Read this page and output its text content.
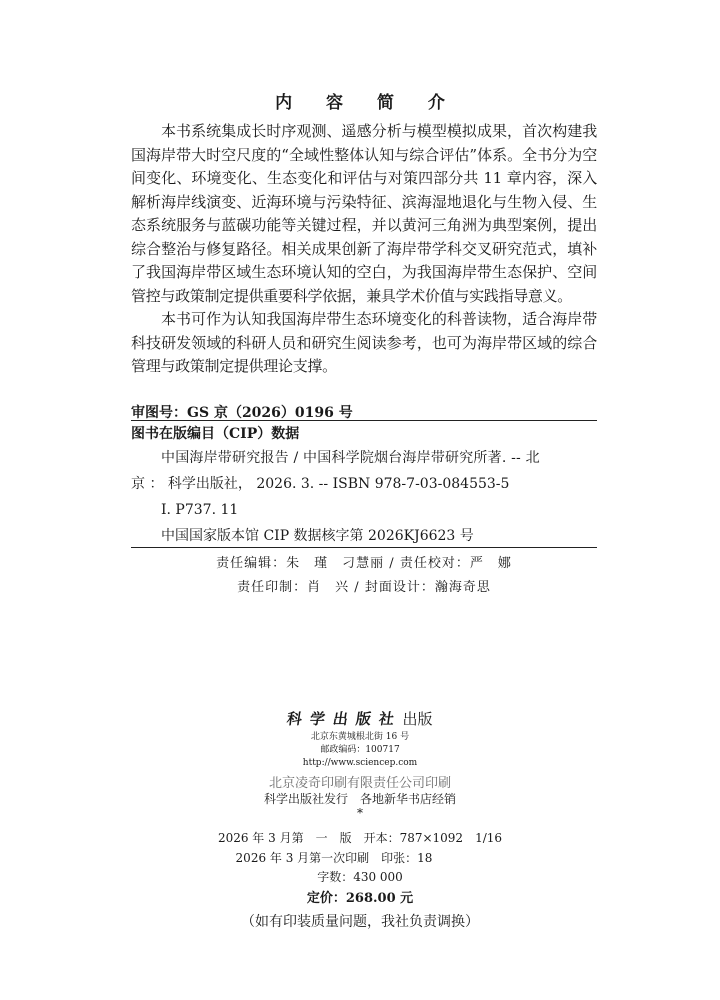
内 容 简 介

本书系统集成长时序观测、遥感分析与模型模拟成果，首次构建我国海岸带大时空尺度的“全域性整体认知与综合评估”体系。全书分为空间变化、环境变化、生态变化和评估与对策四部分共 11 章内容，深入解析海岸线演变、近海环境与污染特征、滨海湿地退化与生物入侵、生态系统服务与蓝碳功能等关键过程，并以黄河三角洲为典型案例，提出综合整治与修复路径。相关成果创新了海岸带学科交叉研究范式，填补了我国海岸带区域生态环境认知的空白，为我国海岸带生态保护、空间管控与政策制定提供重要科学依据，兼具学术价值与实践指导意义。

本书可作为认知我国海岸带生态环境变化的科普读物，适合海岸带科技研发领域的科研人员和研究生阅读参考，也可为海岸带区域的综合管理与政策制定提供理论支撑。

审图号：GS 京（2026）0196 号
图书在版编目（CIP）数据
中国海岸带研究报告 / 中国科学院烟台海岸带研究所著. -- 北
京 ： 科学出版社， 2026. 3. -- ISBN 978-7-03-084553-5
Ⅰ. P737. 11
中国国家版本馆 CIP 数据核字第 2026KJ6623 号
责任编辑：朱　瑾　刁慧丽 / 责任校对：严　娜
责任印制：肖　兴 / 封面设计：瀚海奇思
科学出版社出版
北京东黄城根北街 16 号
邮政编码：100717
http://www.sciencep.com
北京凌奇印刷有限责任公司印刷
科学出版社发行　各地新华书店经销
*
2026 年 3 月第　一　版　开本：787×1092　1/16
2026 年 3 月第一次印刷　印张：18
字数：430 000
定价：268.00 元
（如有印装质量问题，我社负责调换）
